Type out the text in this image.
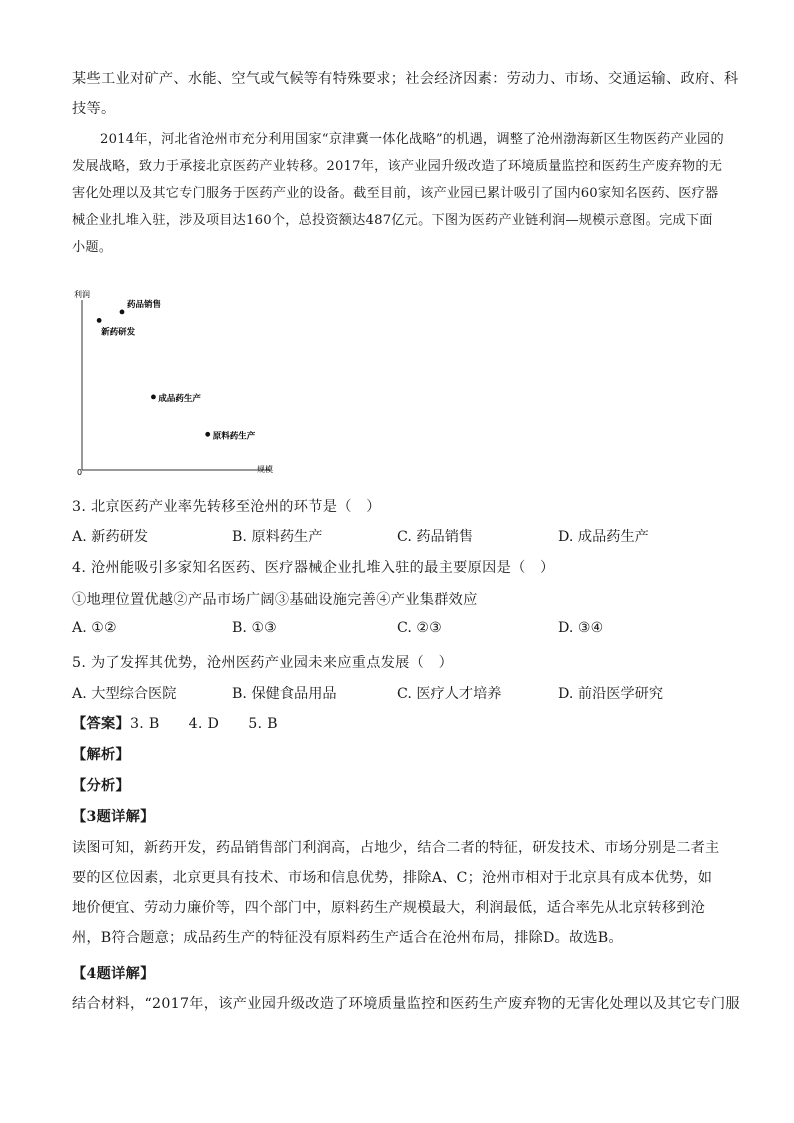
某些工业对矿产、水能、空气或气候等有特殊要求；社会经济因素：劳动力、市场、交通运输、政府、科
技等。
2014年，河北省沧州市充分利用国家“京津冀一体化战略”的机遇，调整了沧州渤海新区生物医药产业园的发展战略，致力于承接北京医药产业转移。2017年，该产业园升级改造了环境质量监控和医药生产废弃物的无害化处理以及其它专门服务于医药产业的设备。截至目前，该产业园已累计吸引了国内60家知名医药、医疗器械企业扎堆入驻，涉及项目达160个，总投资额达487亿元。下图为医药产业链利润—规模示意图。完成下面小题。
利润
规模
0
药品销售
新药研发
成品药生产
原料药生产
3. 北京医药产业率先转移至沧州的环节是（　）
A. 新药研发	B. 原料药生产	C. 药品销售	D. 成品药生产
4. 沧州能吸引多家知名医药、医疗器械企业扎堆入驻的最主要原因是（　）
①地理位置优越②产品市场广阔③基础设施完善④产业集群效应
A. ①②	B. ①③	C. ②③	D. ③④
5. 为了发挥其优势，沧州医药产业园未来应重点发展（　）
A. 大型综合医院	B. 保健食品用品	C. 医疗人才培养	D. 前沿医学研究
【答案】3. B　　4. D　　5. B
【解析】
【分析】
【3题详解】
读图可知，新药开发，药品销售部门利润高，占地少，结合二者的特征，研发技术、市场分别是二者主要的区位因素，北京更具有技术、市场和信息优势，排除A、C；沧州市相对于北京具有成本优势，如地价便宜、劳动力廉价等，四个部门中，原料药生产规模最大，利润最低，适合率先从北京转移到沧州，B符合题意；成品药生产的特征没有原料药生产适合在沧州布局，排除D。故选B。
【4题详解】
结合材料，“2017年，该产业园升级改造了环境质量监控和医药生产废弃物的无害化处理以及其它专门服
